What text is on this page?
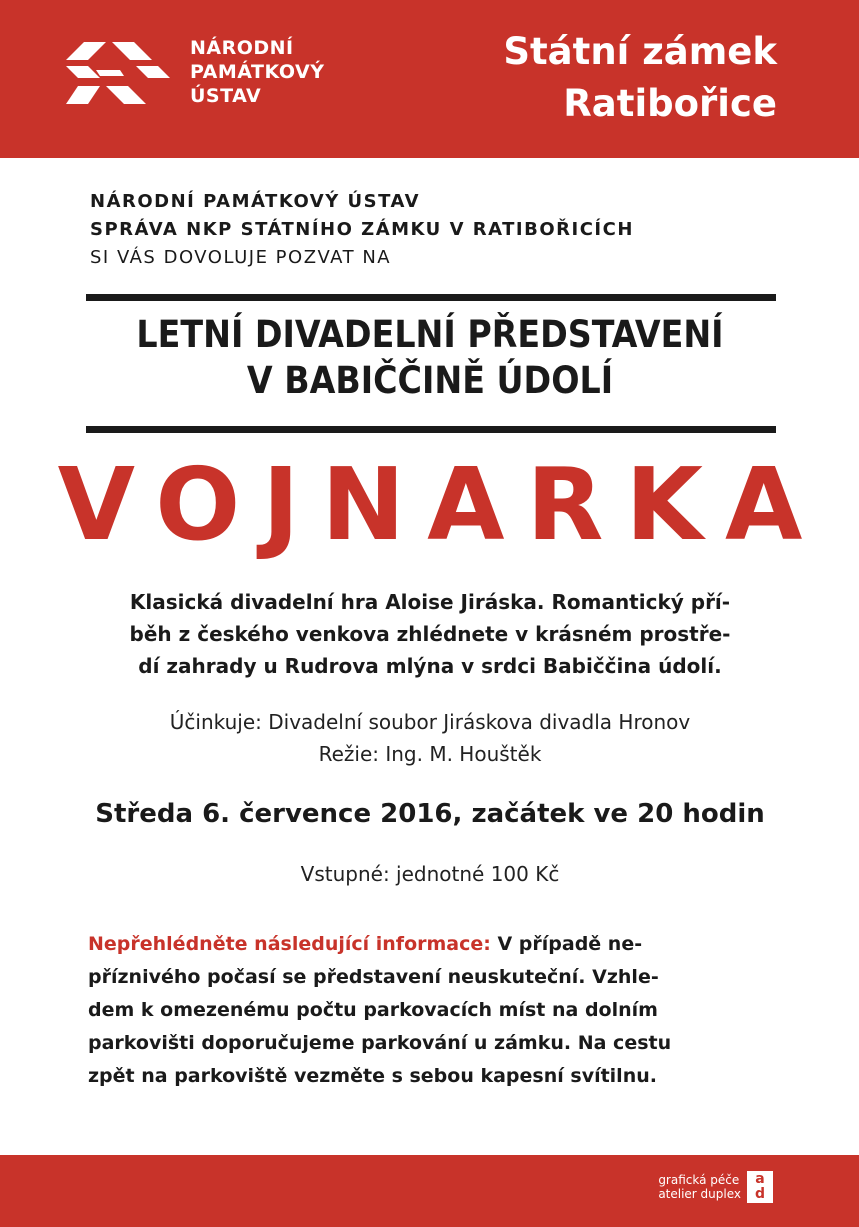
NÁRODNÍ
PAMÁTKOVÝ
ÚSTAV
Státní zámek
Ratibořice
NÁRODNÍ PAMÁTKOVÝ ÚSTAV
SPRÁVA NKP STÁTNÍHO ZÁMKU V RATIBOŘICÍCH
SI VÁS DOVOLUJE POZVAT NA
LETNÍ DIVADELNÍ PŘEDSTAVENÍ
V BABIČČINĚ ÚDOLÍ
VOJNARKA
Klasická divadelní hra Aloise Jiráska. Romantický pří-
běh z českého venkova zhlédnete v krásném prostře-
dí zahrady u Rudrova mlýna v srdci Babiččina údolí.
Účinkuje: Divadelní soubor Jiráskova divadla Hronov
Režie: Ing. M. Houštěk
Středa 6. července 2016, začátek ve 20 hodin
Vstupné: jednotné 100 Kč
Nepřehlédněte následující informace: V případě ne-
příznivého počasí se představení neuskuteční. Vzhle-
dem k omezenému počtu parkovacích míst na dolním
parkovišti doporučujeme parkování u zámku. Na cestu
zpět na parkoviště vezměte s sebou kapesní svítilnu.
grafická péče
atelier duplex
a
d
